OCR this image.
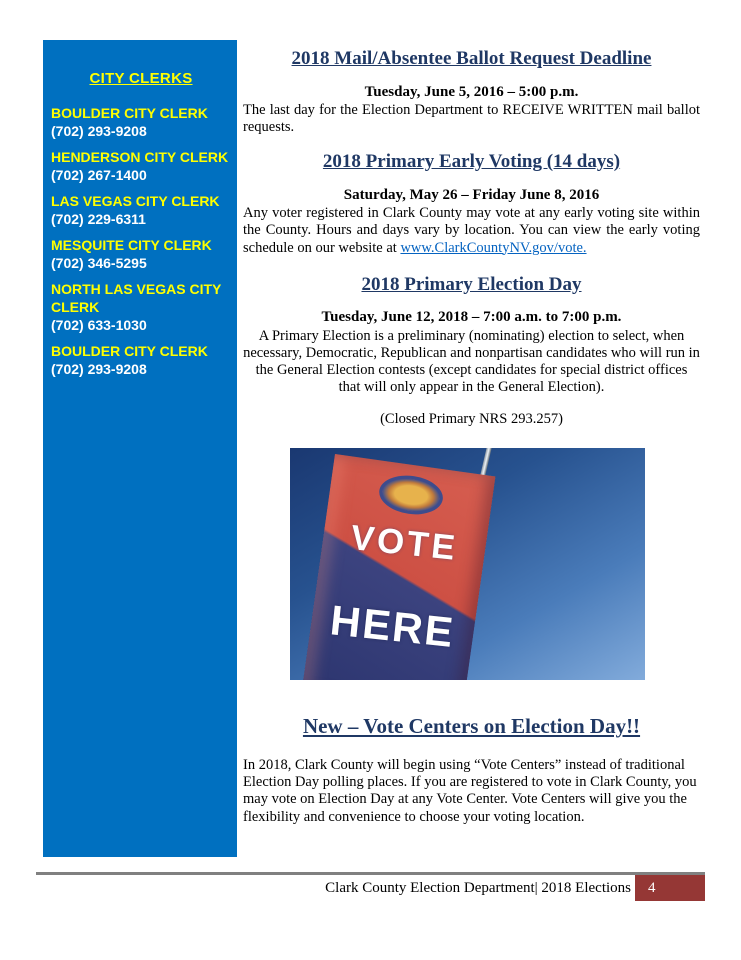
CITY CLERKS
BOULDER CITY CLERK
(702) 293-9208
HENDERSON CITY CLERK
(702) 267-1400
LAS VEGAS CITY CLERK
(702) 229-6311
MESQUITE CITY CLERK
(702) 346-5295
NORTH LAS VEGAS CITY CLERK
(702) 633-1030
BOULDER CITY CLERK
(702) 293-9208
2018 Mail/Absentee Ballot Request Deadline
Tuesday, June 5, 2016 – 5:00 p.m.

The last day for the Election Department to RECEIVE WRITTEN mail ballot requests.

2018 Primary Early Voting (14 days)
Saturday, May 26 – Friday June 8, 2016

Any voter registered in Clark County may vote at any early voting site within the County. Hours and days vary by location. You can view the early voting schedule on our website at www.ClarkCountyNV.gov/vote.

2018 Primary Election Day
Tuesday, June 12, 2018 – 7:00 a.m. to 7:00 p.m.

A Primary Election is a preliminary (nominating) election to select, when necessary, Democratic, Republican and nonpartisan candidates who will run in the General Election contests (except candidates for special district offices that will only appear in the General Election).

(Closed Primary NRS 293.257)
VOTE
HERE
New – Vote Centers on Election Day!!

In 2018, Clark County will begin using “Vote Centers” instead of traditional Election Day polling places. If you are registered to vote in Clark County, you may vote on Election Day at any Vote Center. Vote Centers will give you the flexibility and convenience to choose your voting location.

Clark County Election Department| 2018 Elections	4
